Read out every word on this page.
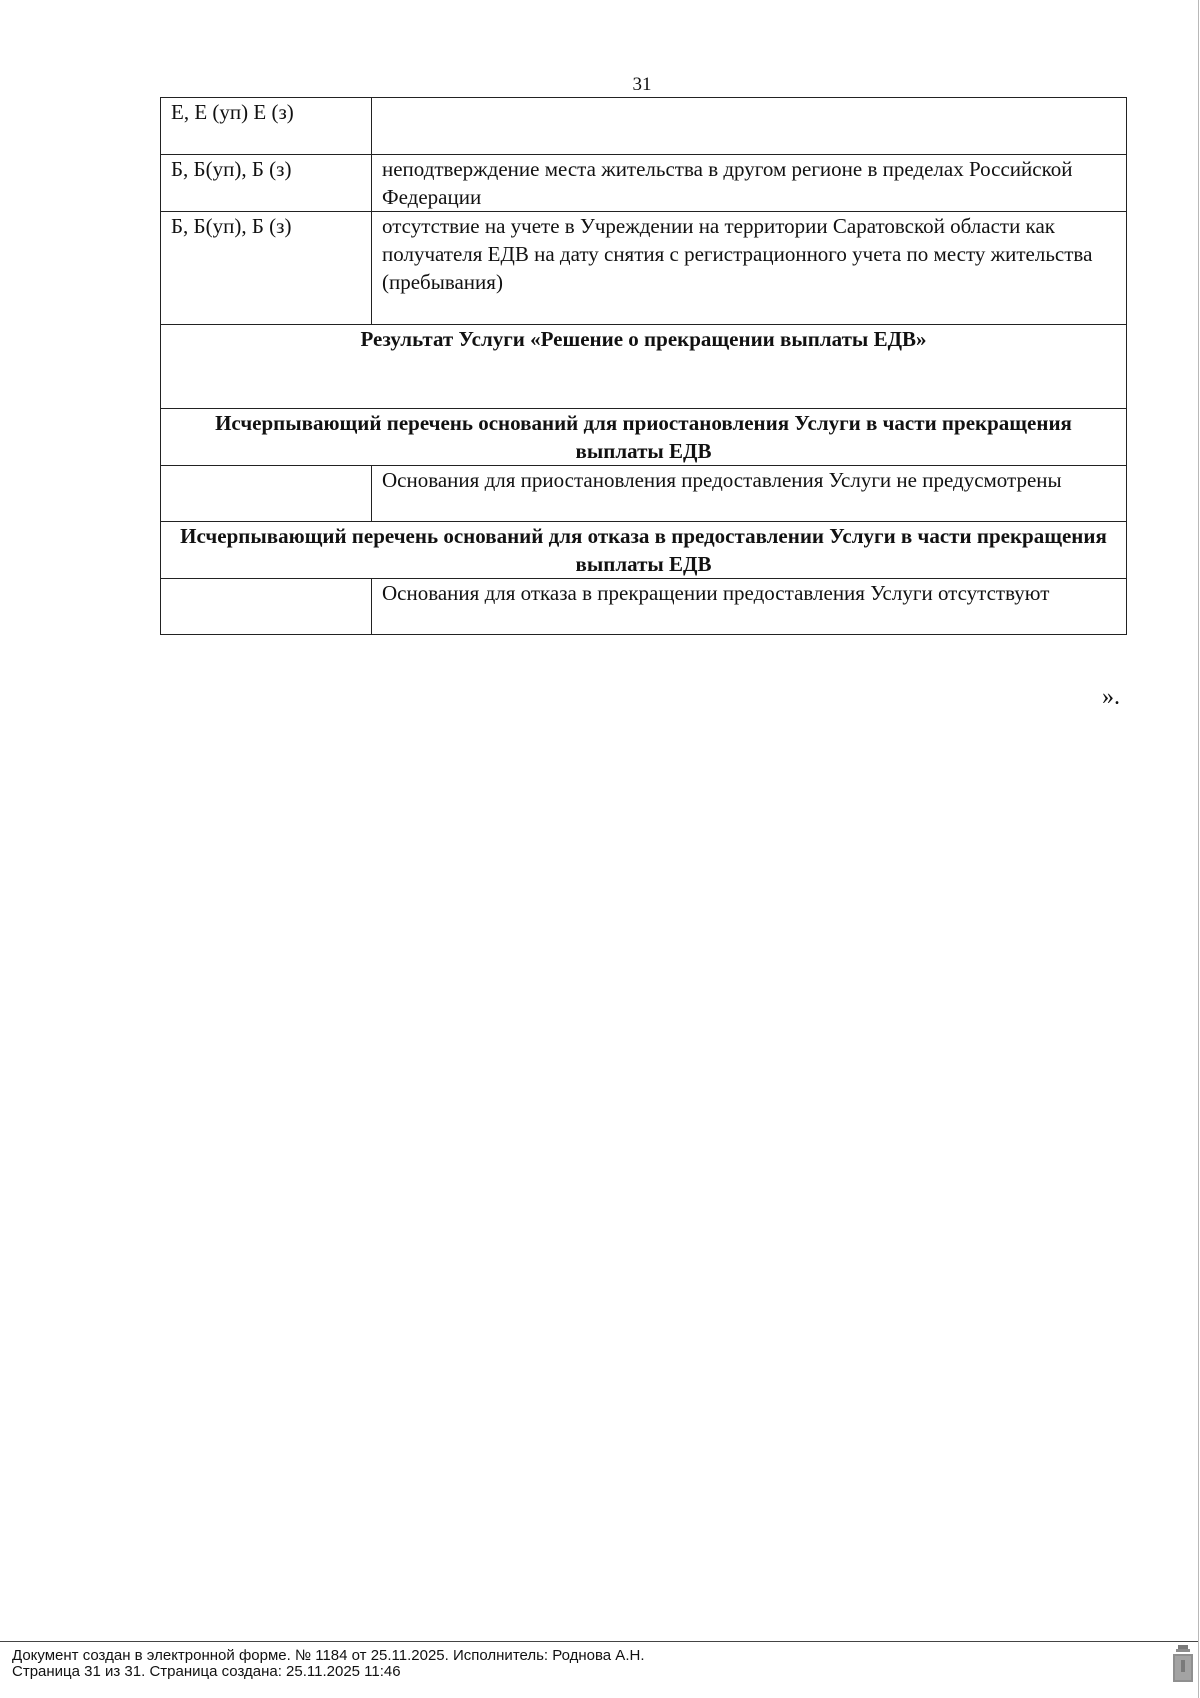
31
Е, Е (уп) Е (з)	
Б, Б(уп), Б (з)	неподтверждение места жительства в другом регионе в пределах Российской Федерации
Б, Б(уп), Б (з)	отсутствие на учете в Учреждении на территории Саратовской области как получателя ЕДВ на дату снятия с регистрационного учета по месту жительства (пребывания)
Результат Услуги «Решение о прекращении выплаты ЕДВ»	
Исчерпывающий перечень оснований для приостановления Услуги в части прекращения выплаты ЕДВ	
	Основания для приостановления предоставления Услуги не предусмотрены
Исчерпывающий перечень оснований для отказа в предоставлении Услуги в части прекращения выплаты ЕДВ	
	Основания для отказа в прекращении предоставления Услуги отсутствуют
».
Документ создан в электронной форме. № 1184 от 25.11.2025. Исполнитель: Роднова А.Н.
Страница 31 из 31. Страница создана: 25.11.2025 11:46
